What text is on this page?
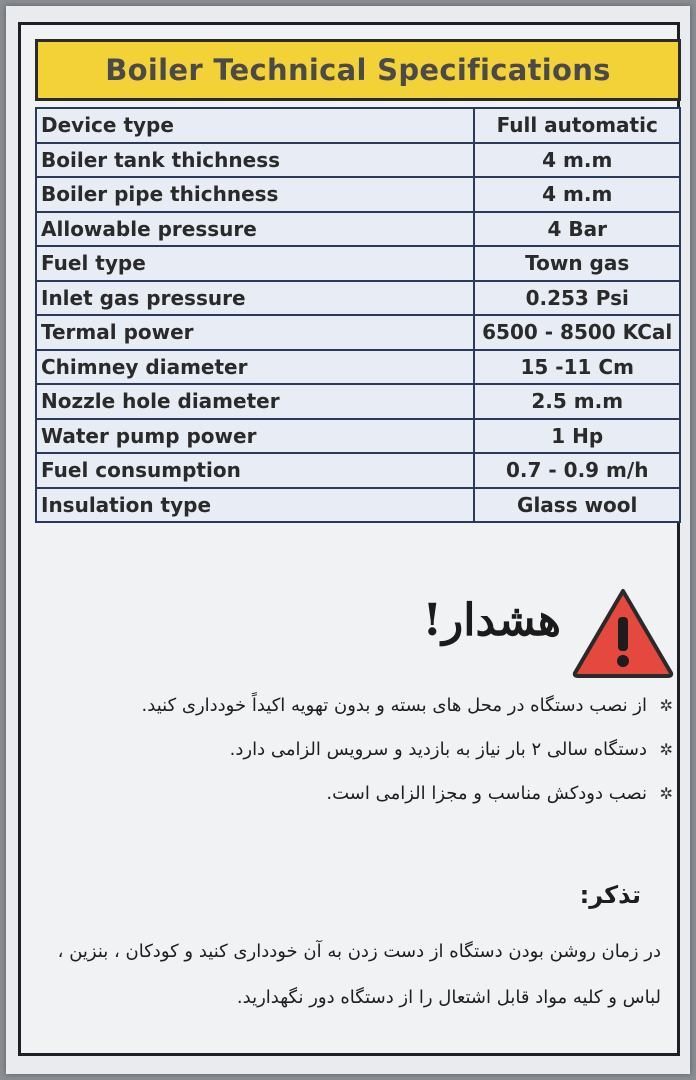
Boiler Technical Specifications
Device type	Full automatic
Boiler tank thichness	4 m.m
Boiler pipe thichness	4 m.m
Allowable pressure	4 Bar
Fuel type	Town gas
Inlet gas pressure	0.253 Psi
Termal power	6500 - 8500 KCal
Chimney diameter	15 -11 Cm
Nozzle hole diameter	2.5 m.m
Water pump power	1 Hp
Fuel consumption	0.7 - 0.9 m/h
Insulation type	Glass wool
هشدار!
✲
از نصب دستگاه در محل های بسته و بدون تهویه اکیداً خودداری کنید.
✲
دستگاه سالی ۲ بار نیاز به بازدید و سرویس الزامی دارد.
✲
نصب دودکش مناسب و مجزا الزامی است.
تذکر:
در زمان روشن بودن دستگاه از دست زدن به آن خودداری کنید و کودکان ، بنزین ، لباس و کلیه مواد قابل اشتعال را از دستگاه دور نگهدارید.
